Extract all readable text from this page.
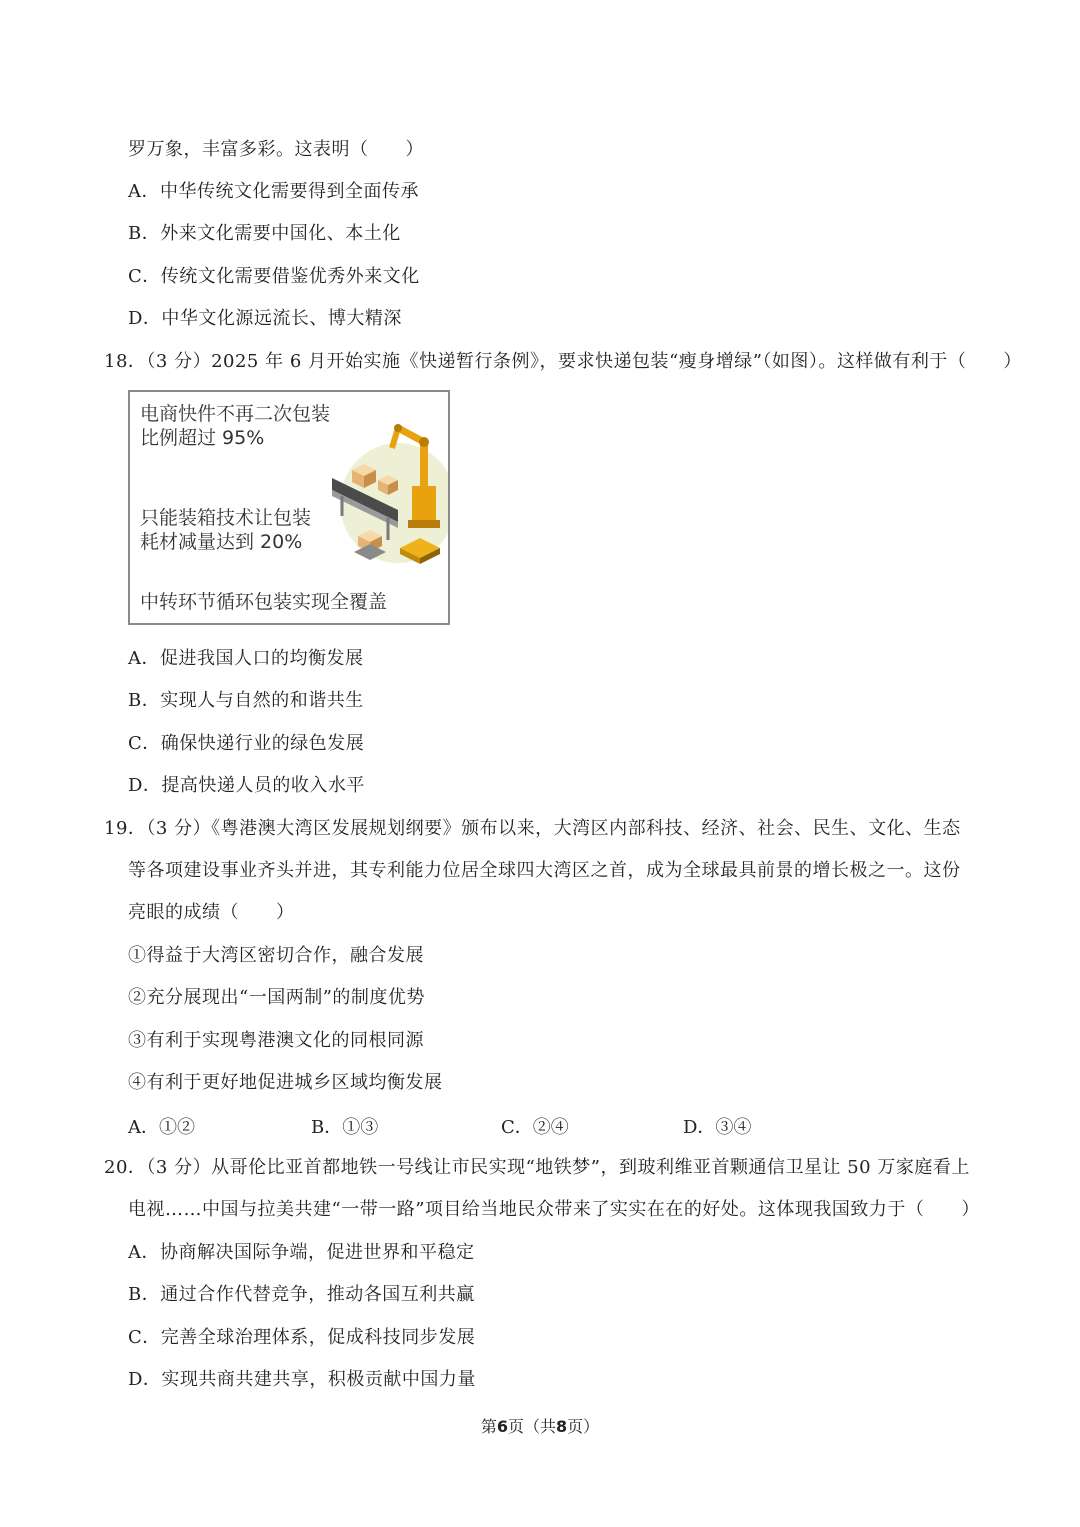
罗万象，丰富多彩。这表明（　　）
A．中华传统文化需要得到全面传承
B．外来文化需要中国化、本土化
C．传统文化需要借鉴优秀外来文化
D．中华文化源远流长、博大精深
18．（3 分）2025 年 6 月开始实施《快递暂行条例》，要求快递包装“瘦身增绿”（如图）。这样做有利于（　　）
电商快件不再二次包装
比例超过 95%
只能装箱技术让包装
耗材减量达到 20%
中转环节循环包装实现全覆盖
A．促进我国人口的均衡发展
B．实现人与自然的和谐共生
C．确保快递行业的绿色发展
D．提高快递人员的收入水平
19．（3 分）《粤港澳大湾区发展规划纲要》颁布以来，大湾区内部科技、经济、社会、民生、文化、生态
等各项建设事业齐头并进，其专利能力位居全球四大湾区之首，成为全球最具前景的增长极之一。这份
亮眼的成绩（　　）
①得益于大湾区密切合作，融合发展
②充分展现出“一国两制”的制度优势
③有利于实现粤港澳文化的同根同源
④有利于更好地促进城乡区域均衡发展
A．①②	B．①③	C．②④	D．③④
20．（3 分）从哥伦比亚首都地铁一号线让市民实现“地铁梦”，到玻利维亚首颗通信卫星让 50 万家庭看上
电视……中国与拉美共建“一带一路”项目给当地民众带来了实实在在的好处。这体现我国致力于（　　）
A．协商解决国际争端，促进世界和平稳定
B．通过合作代替竞争，推动各国互利共赢
C．完善全球治理体系，促成科技同步发展
D．实现共商共建共享，积极贡献中国力量
第6页（共8页）
